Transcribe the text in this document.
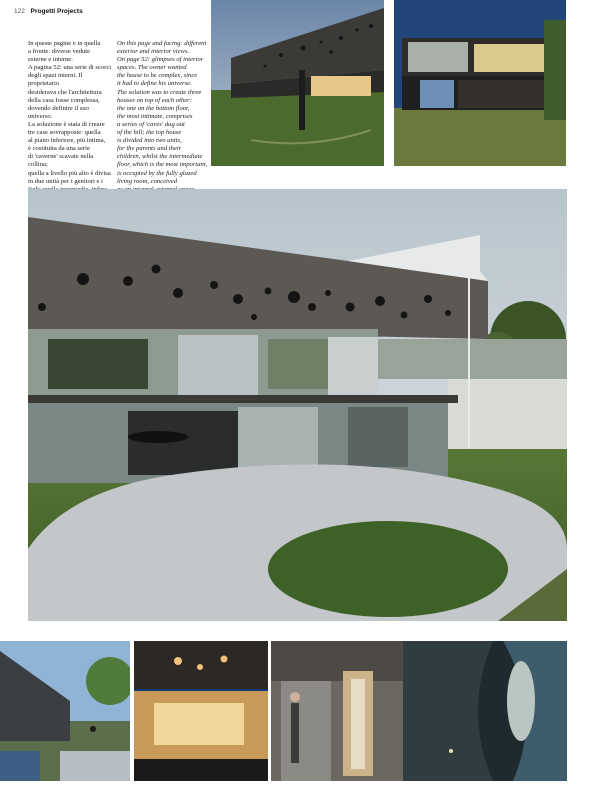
122 Progetti Projects
In queste pagine e in quella
a fronte: diverse vedute
esterne e interne.
A pagina 52: una serie di scorci
degli spazi interni. Il proprietario
desiderava che l'architettura
della casa fosse complessa,
dovendo definire il suo universo.
La soluzione è stata di creare
tre case sovrapposte: quella
al piano inferiore, più intima,
è costituita da una serie
di 'caverne' scavate nella collina;
quella a livello più alto è divisa
in due unità per i genitori e i

On this page and facing: different
exterior and interior views.
On page 52: glimpses of interior
spaces. The owner wanted
the house to be complex, since
it had to define his universe.
The solution was to create three
houses on top of each other:
the one on the bottom floor,
the most intimate, comprises
a series of 'caves' dug out
of the hill; the top house
is divided into two units,
for the parents and their
children, whilst the intermediate
floor, which is the most important,
is occupied by the fully glazed
living room, conceived
